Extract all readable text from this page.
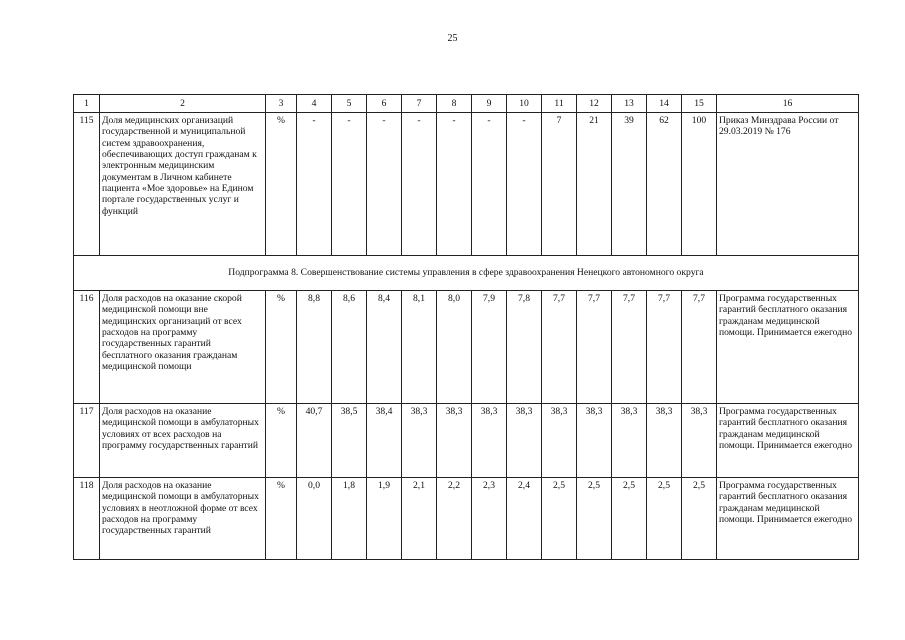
25
1	2	3	4	5	6	7	8	9	10	11	12	13	14	15	16
115	Доля медицинских организаций государственной и муниципальной систем здравоохранения, обеспечивающих доступ гражданам к электронным медицинским документам в Личном кабинете пациента «Мое здоровье» на Едином портале государственных услуг и функций	%	-	-	-	-	-	-	-	7	21	39	62	100	Приказ Минздрава России от 29.03.2019 № 176
Подпрограмма 8. Совершенствование системы управления в сфере здравоохранения Ненецкого автономного округа															
116	Доля расходов на оказание скорой медицинской помощи вне медицинских организаций от всех расходов на программу государственных гарантий бесплатного оказания гражданам медицинской помощи	%	8,8	8,6	8,4	8,1	8,0	7,9	7,8	7,7	7,7	7,7	7,7	7,7	Программа государственных гарантий бесплатного оказания гражданам медицинской помощи. Принимается ежегодно
117	Доля расходов на оказание медицинской помощи в амбулаторных условиях от всех расходов на программу государственных гарантий	%	40,7	38,5	38,4	38,3	38,3	38,3	38,3	38,3	38,3	38,3	38,3	38,3	Программа государственных гарантий бесплатного оказания гражданам медицинской помощи. Принимается ежегодно
118	Доля расходов на оказание медицинской помощи в амбулаторных условиях в неотложной форме от всех расходов на программу государственных гарантий	%	0,0	1,8	1,9	2,1	2,2	2,3	2,4	2,5	2,5	2,5	2,5	2,5	Программа государственных гарантий бесплатного оказания гражданам медицинской помощи. Принимается ежегодно
